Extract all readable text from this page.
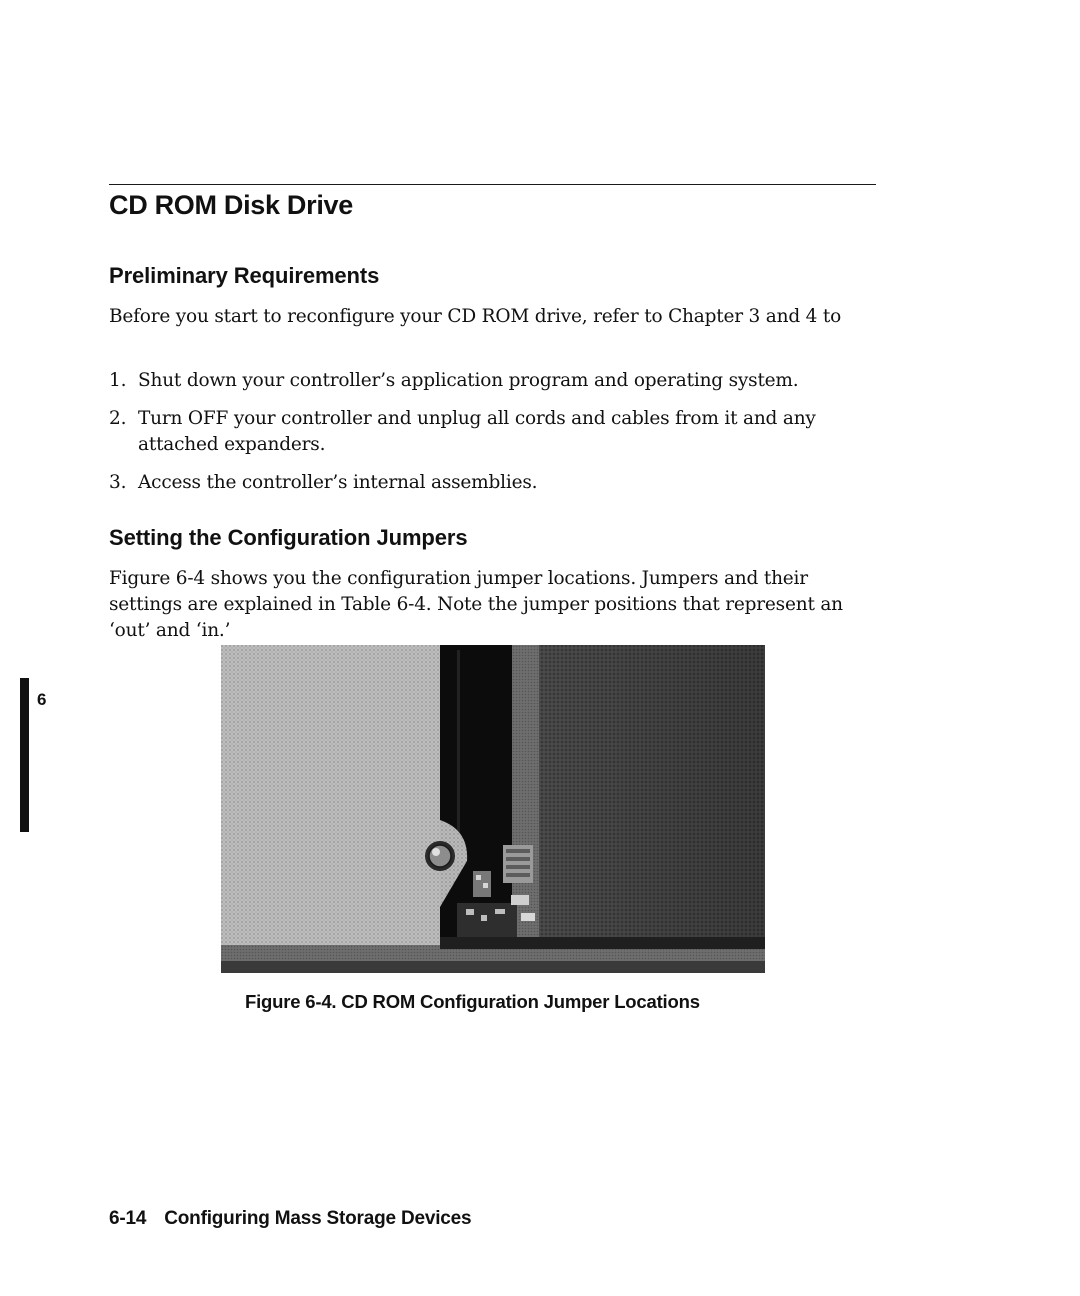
CD ROM Disk Drive
Preliminary Requirements

Before you start to reconfigure your CD ROM drive, refer to Chapter 3 and 4 to

1. Shut down your controller’s application program and operating system.
2. Turn OFF your controller and unplug all cords and cables from it and any attached expanders.
3. Access the controller’s internal assemblies.
Setting the Configuration Jumpers

Figure 6-4 shows you the configuration jumper locations. Jumpers and their settings are explained in Table 6-4. Note the jumper positions that represent an ‘out’ and ‘in.’

6
Figure 6-4. CD ROM Configuration Jumper Locations
6-14 Configuring Mass Storage Devices
